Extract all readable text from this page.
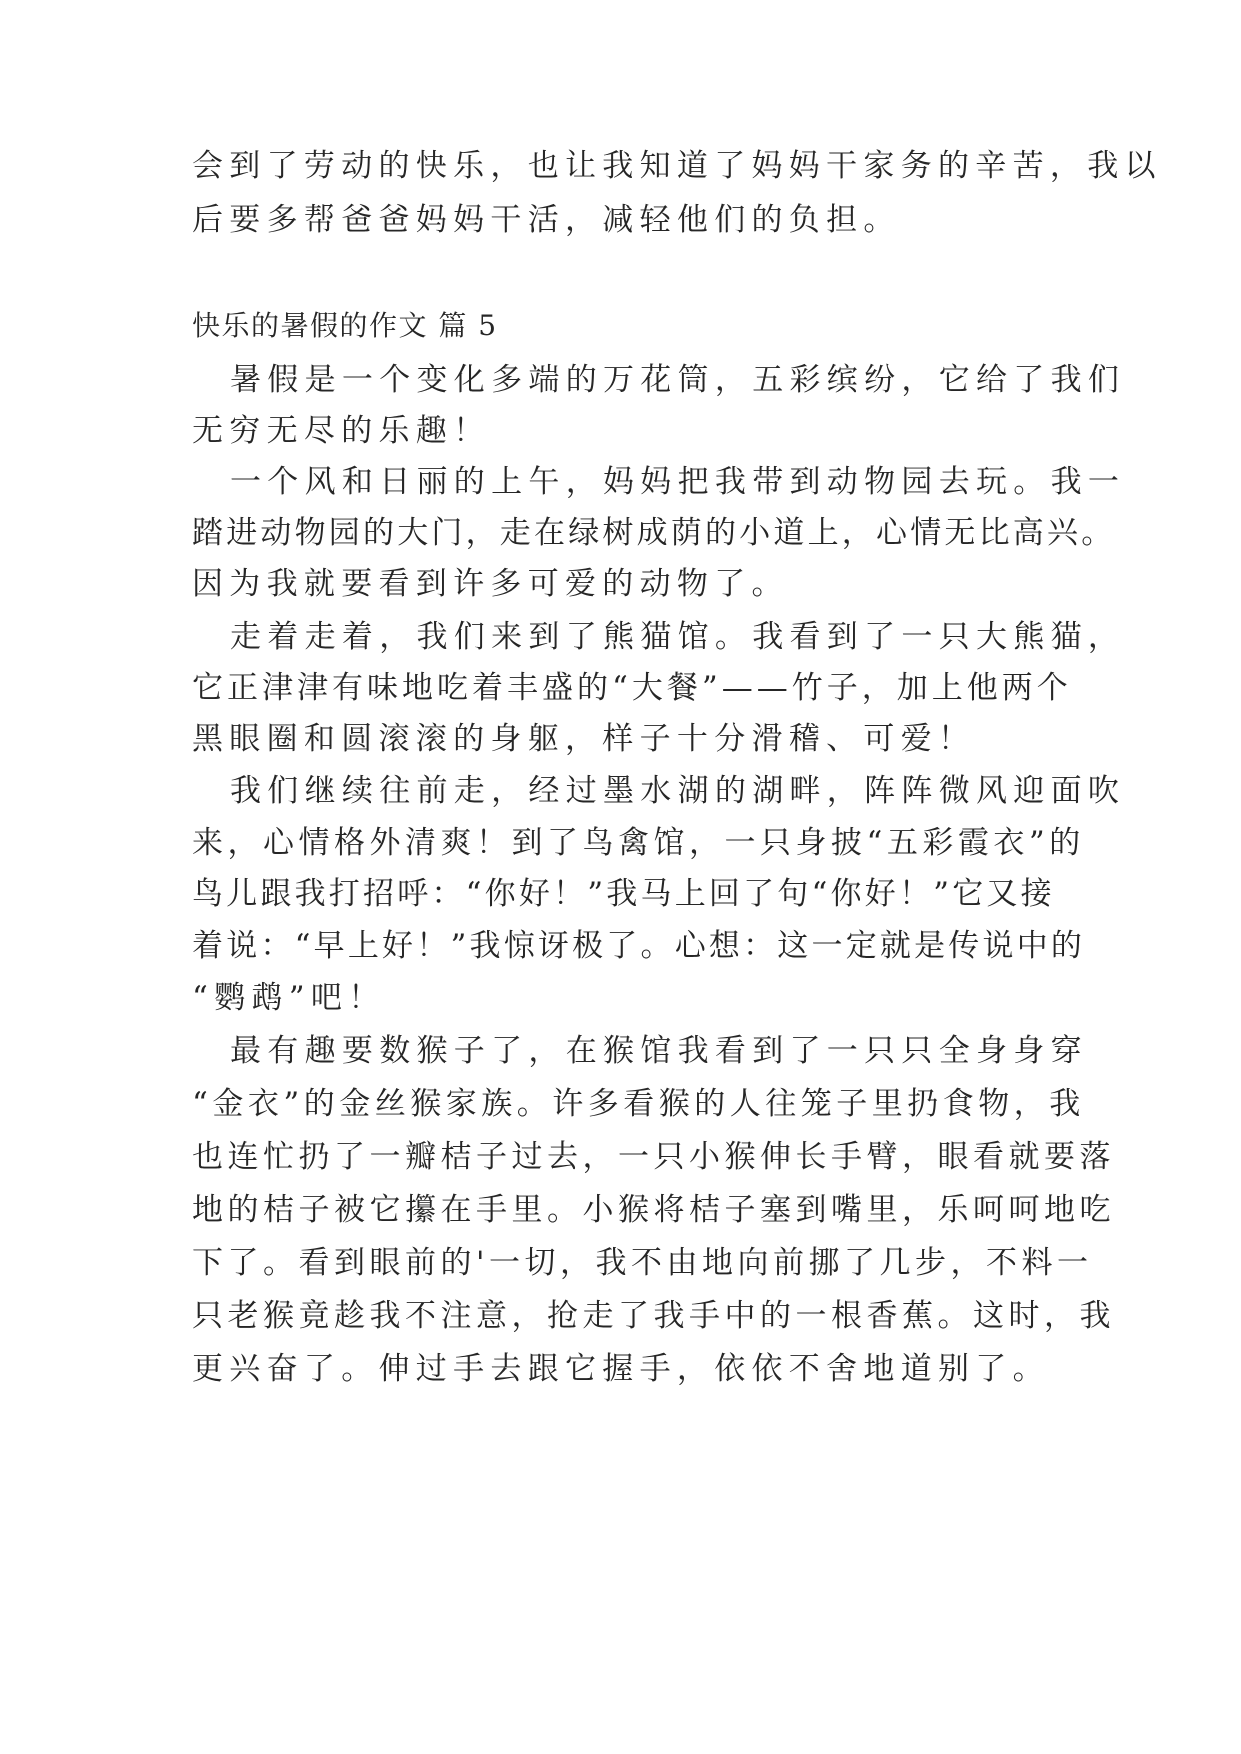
会到了劳动的快乐，也让我知道了妈妈干家务的辛苦，我以
后要多帮爸爸妈妈干活，减轻他们的负担。
快乐的暑假的作文 篇 5
暑假是一个变化多端的万花筒，五彩缤纷，它给了我们
无穷无尽的乐趣！
一个风和日丽的上午，妈妈把我带到动物园去玩。我一
踏进动物园的大门，走在绿树成荫的小道上，心情无比高兴。
因为我就要看到许多可爱的动物了。
走着走着，我们来到了熊猫馆。我看到了一只大熊猫，
它正津津有味地吃着丰盛的“大餐”——竹子，加上他两个
黑眼圈和圆滚滚的身躯，样子十分滑稽、可爱！
我们继续往前走，经过墨水湖的湖畔，阵阵微风迎面吹
来，心情格外清爽！到了鸟禽馆，一只身披“五彩霞衣”的
鸟儿跟我打招呼：“你好！”我马上回了句“你好！”它又接
着说：“早上好！”我惊讶极了。心想：这一定就是传说中的
“鹦鹉”吧！
最有趣要数猴子了，在猴馆我看到了一只只全身身穿
“金衣”的金丝猴家族。许多看猴的人往笼子里扔食物，我
也连忙扔了一瓣桔子过去，一只小猴伸长手臂，眼看就要落
地的桔子被它攥在手里。小猴将桔子塞到嘴里，乐呵呵地吃
下了。看到眼前的'一切，我不由地向前挪了几步，不料一
只老猴竟趁我不注意，抢走了我手中的一根香蕉。这时，我
更兴奋了。伸过手去跟它握手，依依不舍地道别了。
